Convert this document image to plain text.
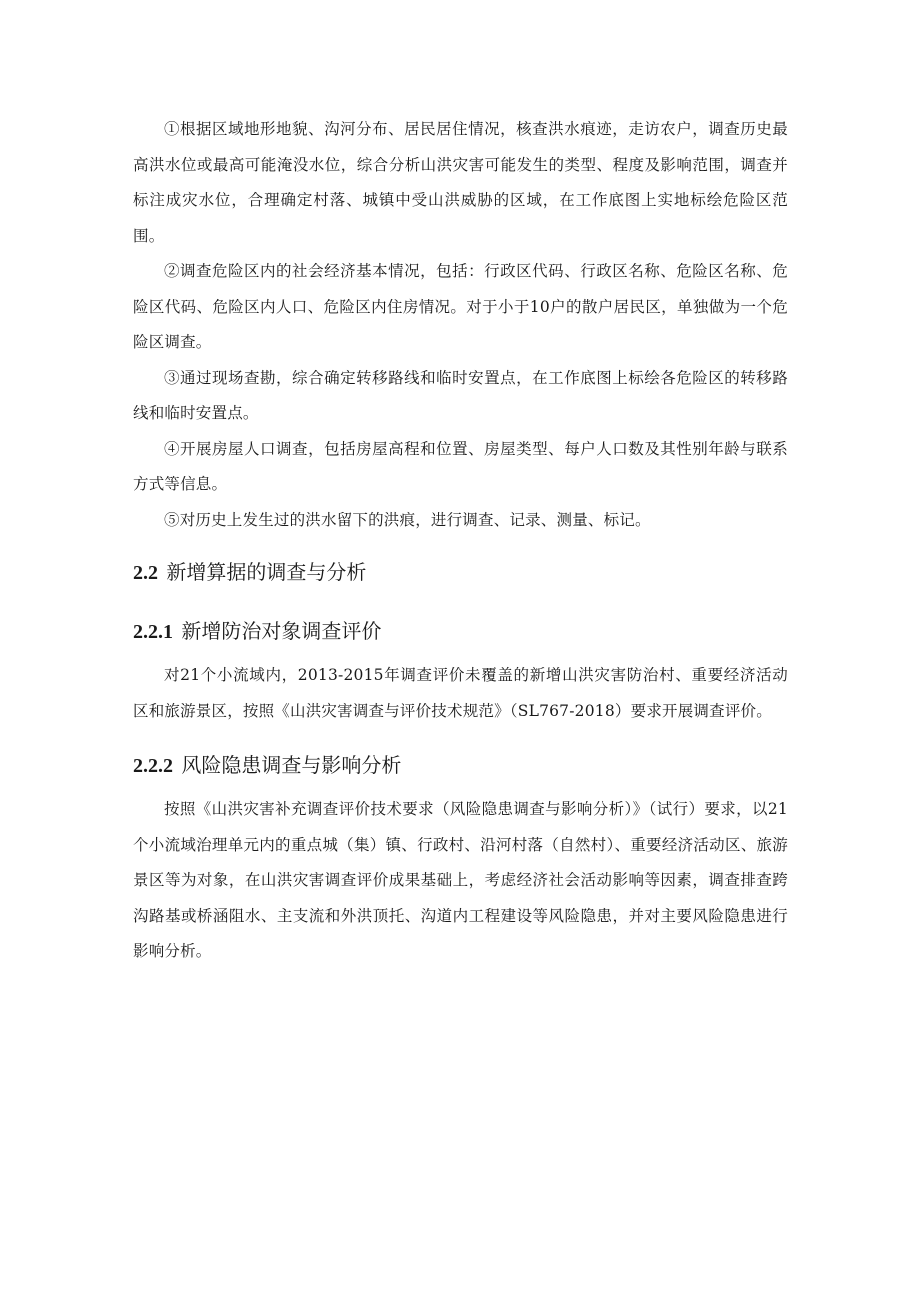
①根据区域地形地貌、沟河分布、居民居住情况，核查洪水痕迹，走访农户，调查历史最高洪水位或最高可能淹没水位，综合分析山洪灾害可能发生的类型、程度及影响范围，调查并标注成灾水位，合理确定村落、城镇中受山洪威胁的区域，在工作底图上实地标绘危险区范围。

②调查危险区内的社会经济基本情况，包括：行政区代码、行政区名称、危险区名称、危险区代码、危险区内人口、危险区内住房情况。对于小于10户的散户居民区，单独做为一个危险区调查。

③通过现场查勘，综合确定转移路线和临时安置点，在工作底图上标绘各危险区的转移路线和临时安置点。

④开展房屋人口调查，包括房屋高程和位置、房屋类型、每户人口数及其性别年龄与联系方式等信息。

⑤对历史上发生过的洪水留下的洪痕，进行调查、记录、测量、标记。

2.2 新增算据的调查与分析
2.2.1 新增防治对象调查评价

对21个小流域内，2013-2015年调查评价未覆盖的新增山洪灾害防治村、重要经济活动区和旅游景区，按照《山洪灾害调查与评价技术规范》（SL767-2018）要求开展调查评价。

2.2.2 风险隐患调查与影响分析

按照《山洪灾害补充调查评价技术要求（风险隐患调查与影响分析）》（试行）要求，以21个小流域治理单元内的重点城（集）镇、行政村、沿河村落（自然村）、重要经济活动区、旅游景区等为对象，在山洪灾害调查评价成果基础上，考虑经济社会活动影响等因素，调查排查跨沟路基或桥涵阻水、主支流和外洪顶托、沟道内工程建设等风险隐患，并对主要风险隐患进行影响分析。
